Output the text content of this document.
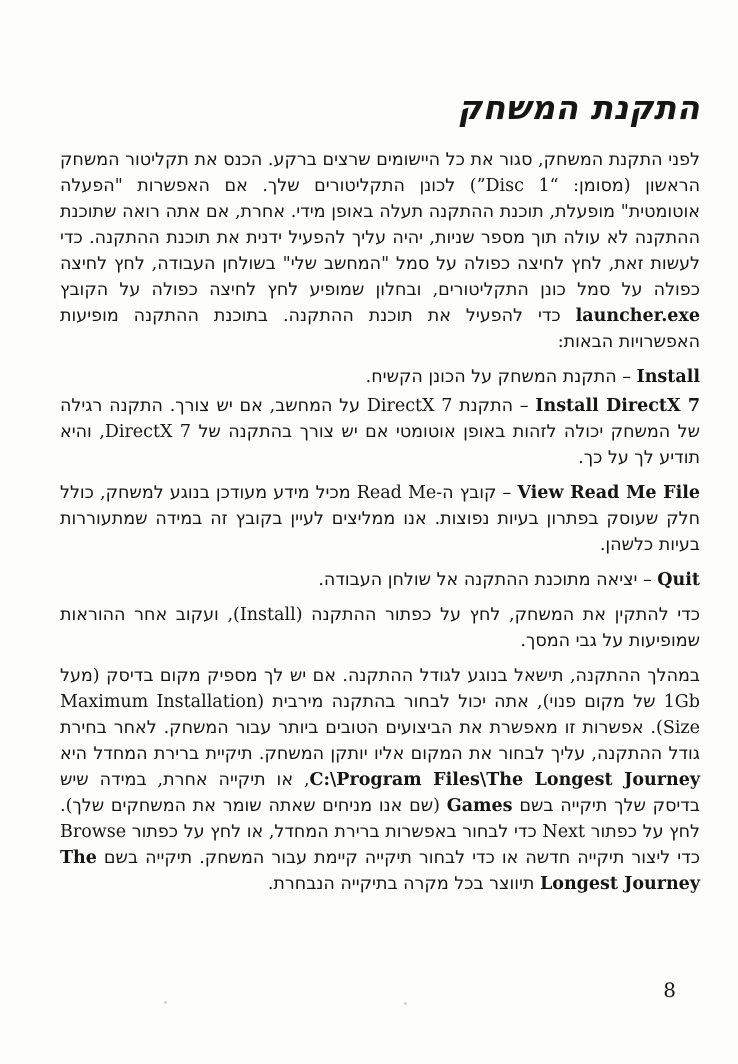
התקנת המשחק

לפני התקנת המשחק, סגור את כל היישומים שרצים ברקע. הכנס את תקליטור המשחק הראשון (מסומן: “Disc 1”) לכונן התקליטורים שלך. אם האפשרות "הפעלה אוטומטית" מופעלת, תוכנת ההתקנה תעלה באופן מידי. אחרת, אם אתה רואה שתוכנת ההתקנה לא עולה תוך מספר שניות, יהיה עליך להפעיל ידנית את תוכנת ההתקנה. כדי לעשות זאת, לחץ לחיצה כפולה על סמל "המחשב שלי" בשולחן העבודה, לחץ לחיצה כפולה על סמל כונן התקליטורים, ובחלון שמופיע לחץ לחיצה כפולה על הקובץ launcher.exe כדי להפעיל את תוכנת ההתקנה. בתוכנת ההתקנה מופיעות האפשרויות הבאות:

Install – התקנת המשחק על הכונן הקשיח.

Install DirectX 7 – התקנת DirectX 7 על המחשב, אם יש צורך. התקנה רגילה של המשחק יכולה לזהות באופן אוטומטי אם יש צורך בהתקנה של DirectX 7, והיא תודיע לך על כך.

View Read Me File – קובץ ה-Read Me מכיל מידע מעודכן בנוגע למשחק, כולל חלק שעוסק בפתרון בעיות נפוצות. אנו ממליצים לעיין בקובץ זה במידה שמתעוררות בעיות כלשהן.

Quit – יציאה מתוכנת ההתקנה אל שולחן העבודה.

כדי להתקין את המשחק, לחץ על כפתור ההתקנה (Install), ועקוב אחר ההוראות שמופיעות על גבי המסך.

במהלך ההתקנה, תישאל בנוגע לגודל ההתקנה. אם יש לך מספיק מקום בדיסק (מעל 1Gb של מקום פנוי), אתה יכול לבחור בהתקנה מירבית (Maximum Installation Size). אפשרות זו מאפשרת את הביצועים הטובים ביותר עבור המשחק. לאחר בחירת גודל ההתקנה, עליך לבחור את המקום אליו יותקן המשחק. תיקיית ברירת המחדל היא C:\Program Files\The Longest Journey, או תיקייה אחרת, במידה שיש בדיסק שלך תיקייה בשם Games (שם אנו מניחים שאתה שומר את המשחקים שלך). לחץ על כפתור Next כדי לבחור באפשרות ברירת המחדל, או לחץ על כפתור Browse כדי ליצור תיקייה חדשה או כדי לבחור תיקייה קיימת עבור המשחק. תיקייה בשם The Longest Journey תיווצר בכל מקרה בתיקייה הנבחרת.

8
